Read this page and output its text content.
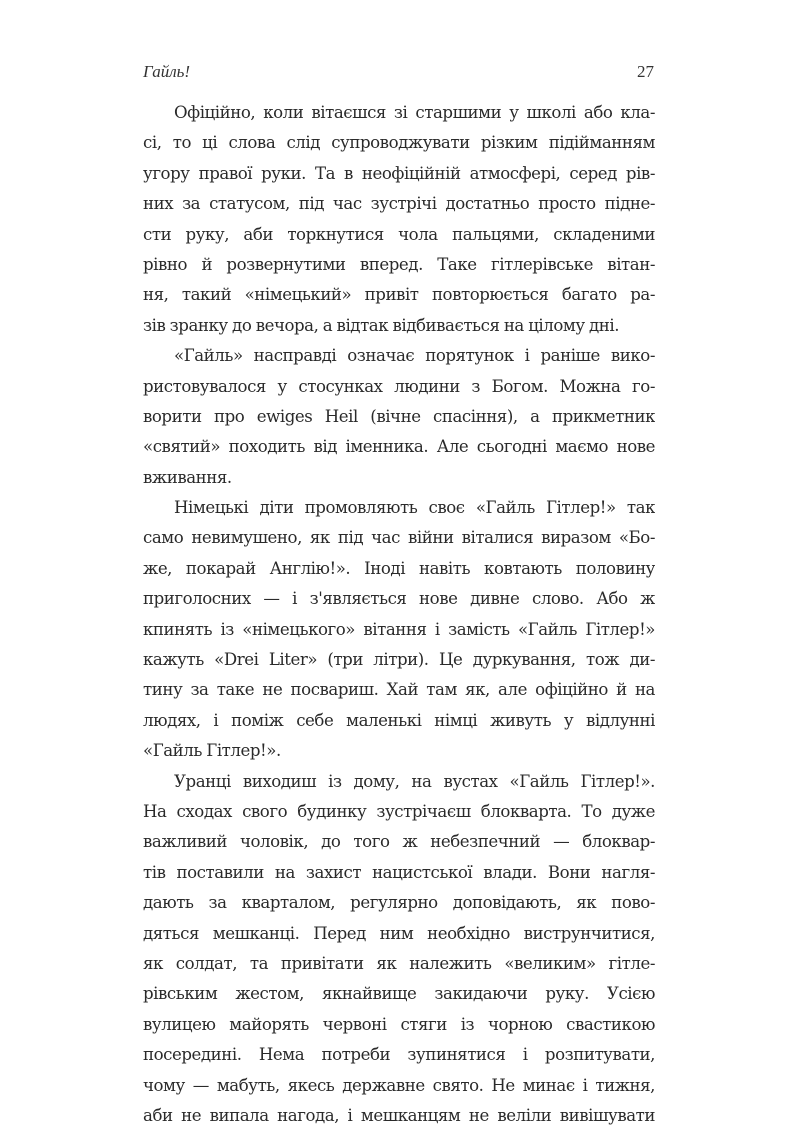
Гайль!	27
Офіційно, коли вітаєшся зі старшими у школі або кла-
сі, то ці слова слід супроводжувати різким підійманням
угору правої руки. Та в неофіційній атмосфері, серед рів-
них за статусом, під час зустрічі достатньо просто підне-
сти руку, аби торкнутися чола пальцями, складеними
рівно й розвернутими вперед. Таке гітлерівське вітан-
ня, такий «німецький» привіт повторюється багато ра-
зів зранку до вечора, а відтак відбивається на цілому дні.
«Гайль» насправді означає порятунок і раніше вико-
ристовувалося у стосунках людини з Богом. Можна го-
ворити про ewiges Heil (вічне спасіння), а прикметник
«святий» походить від іменника. Але сьогодні маємо нове
вживання.
Німецькі діти промовляють своє «Гайль Гітлер!» так
само невимушено, як під час війни віталися виразом «Бо-
же, покарай Англію!». Іноді навіть ковтають половину
приголосних — і з'являється нове дивне слово. Або ж
кпинять із «німецького» вітання і замість «Гайль Гітлер!»
кажуть «Drei Liter» (три літри). Це дуркування, тож ди-
тину за таке не посвариш. Хай там як, але офіційно й на
людях, і поміж себе маленькі німці живуть у відлунні
«Гайль Гітлер!».
Уранці виходиш із дому, на вустах «Гайль Гітлер!».
На сходах свого будинку зустрічаєш блокварта. То дуже
важливий чоловік, до того ж небезпечний — блоквар-
тів поставили на захист нацистської влади. Вони нагля-
дають за кварталом, регулярно доповідають, як пово-
дяться мешканці. Перед ним необхідно виструнчитися,
як солдат, та привітати як належить «великим» гітле-
рівським жестом, якнайвище закидаючи руку. Усією
вулицею майорять червоні стяги із чорною свастикою
посередині. Нема потреби зупинятися і розпитувати,
чому — мабуть, якесь державне свято. Не минає і тижня,
аби не випала нагода, і мешканцям не веліли вивішувати
